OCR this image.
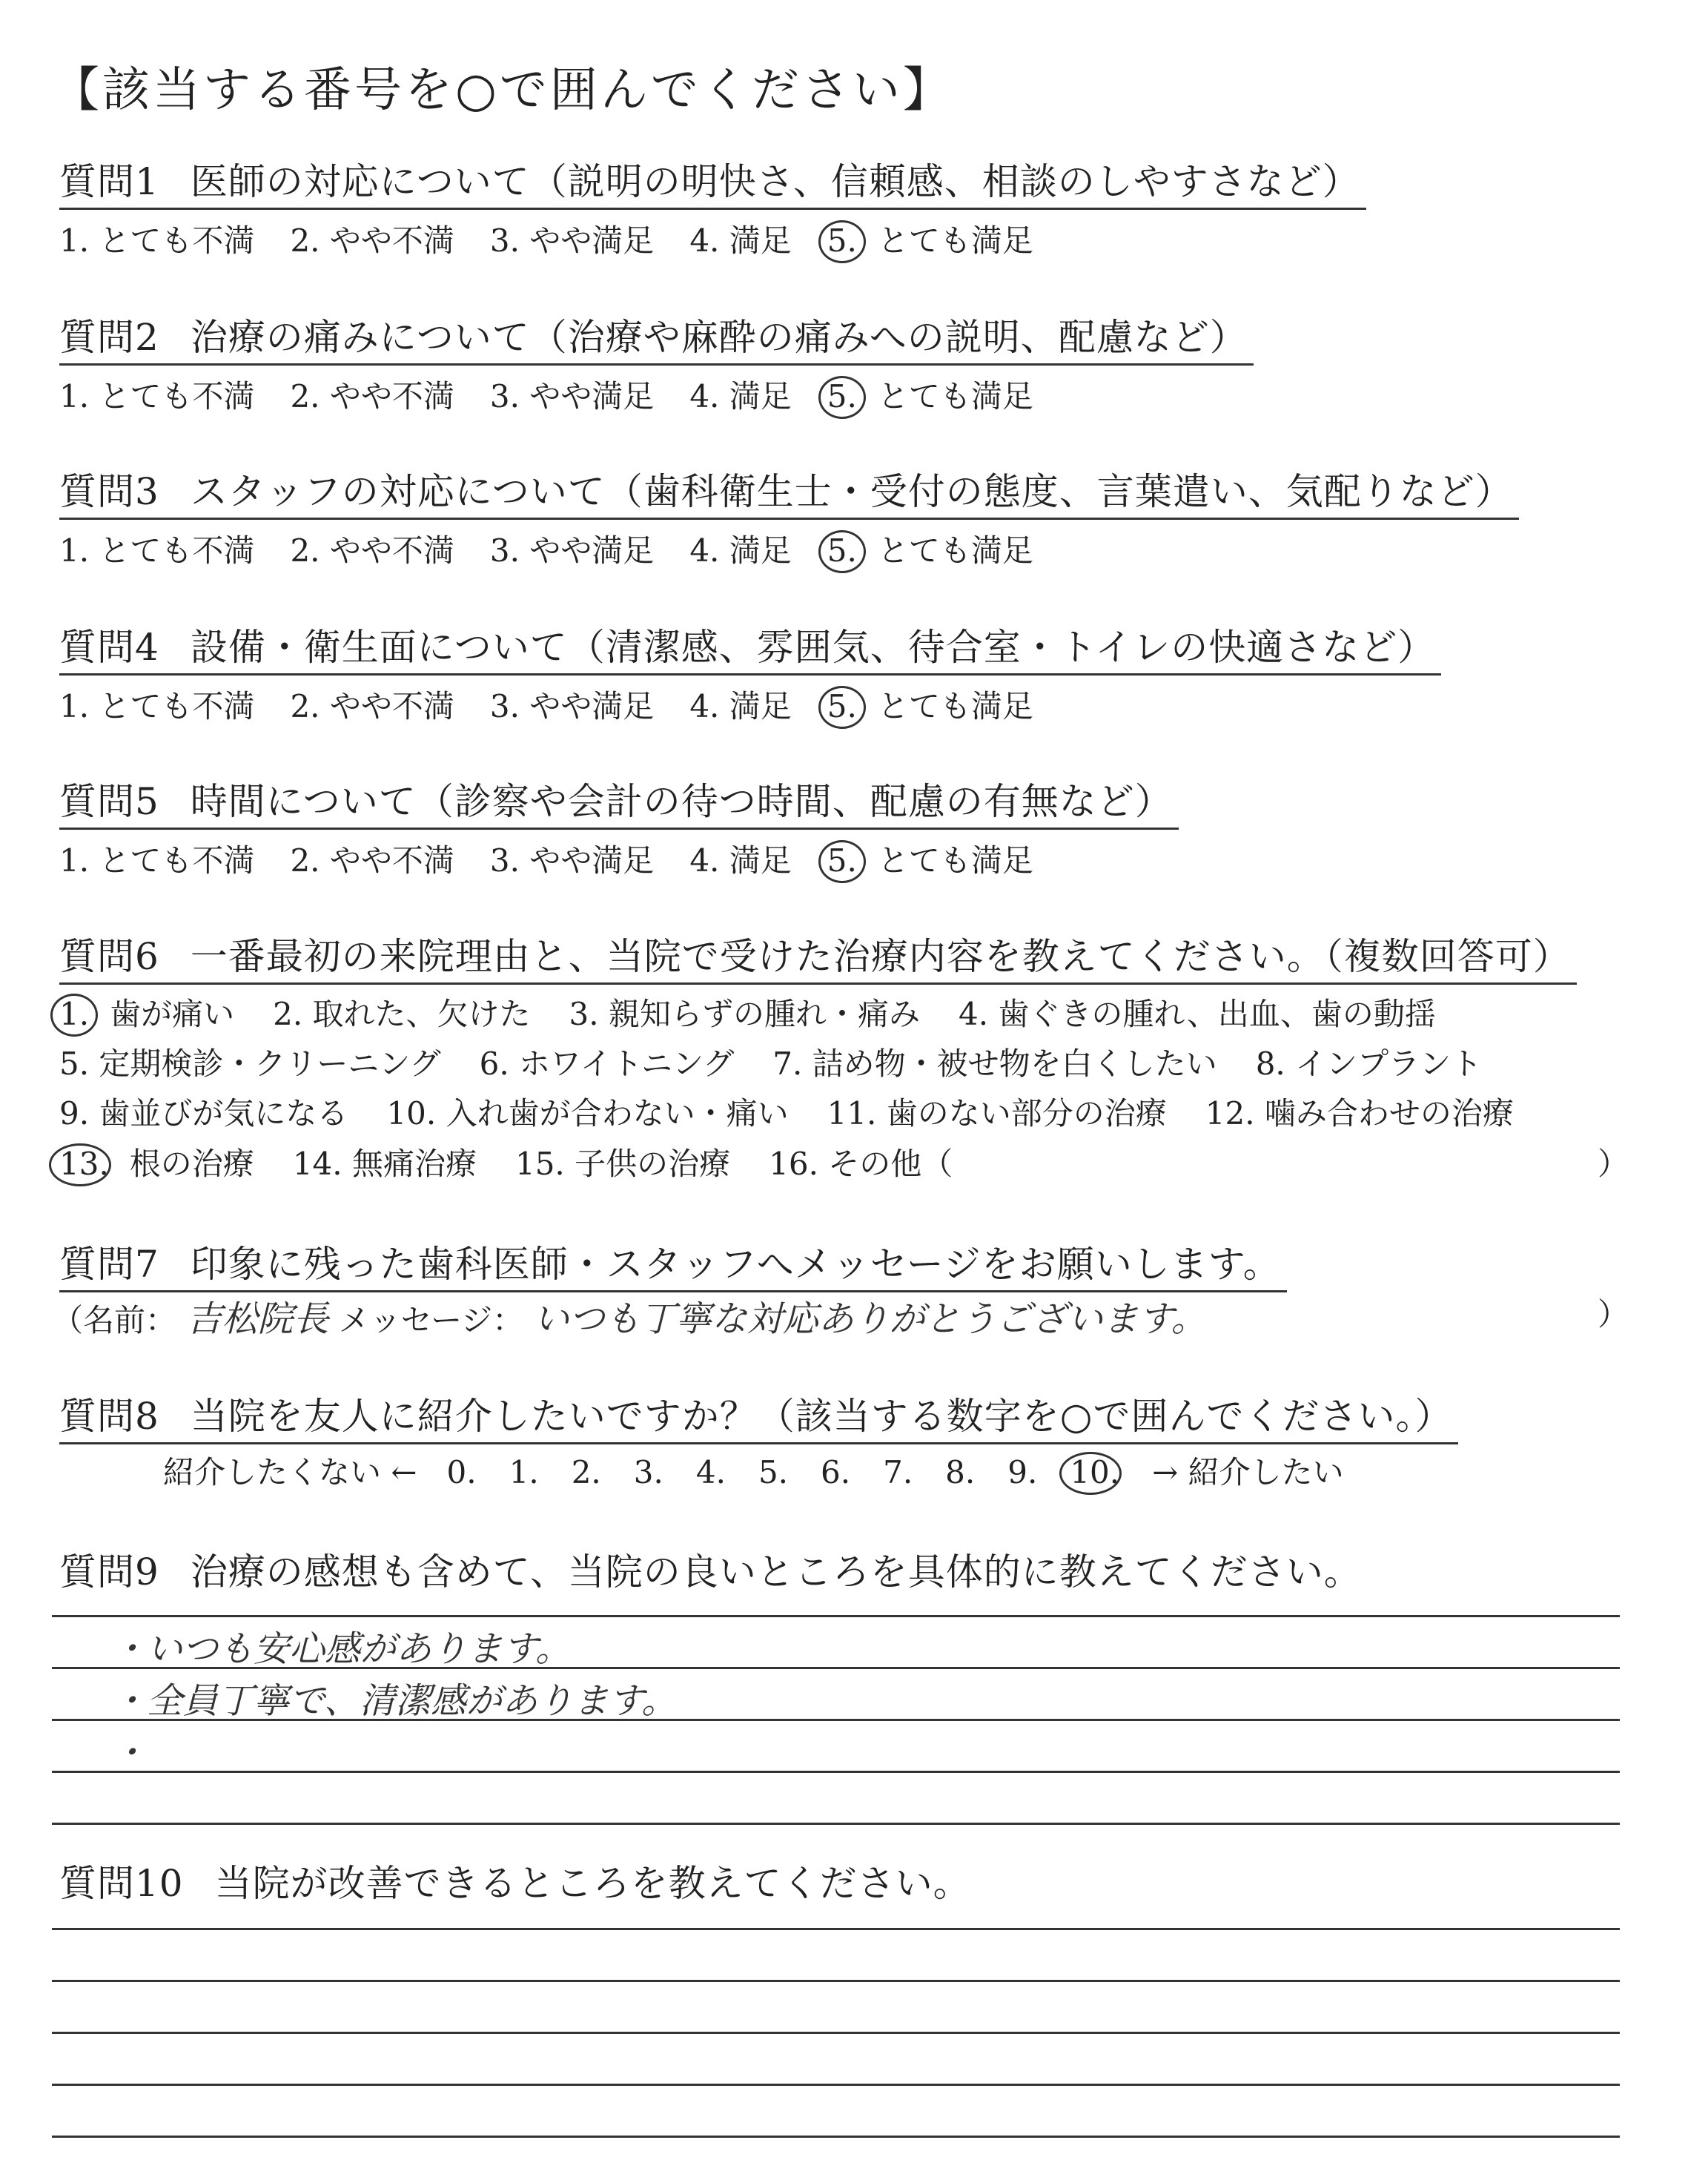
【該当する番号を○で囲んでください】
質問1 医師の対応について（説明の明快さ、信頼感、相談のしやすさなど）
1. とても不満 2. やや不満 3. やや満足 4. 満足 5. とても満足
質問2 治療の痛みについて（治療や麻酔の痛みへの説明、配慮など）
1. とても不満 2. やや不満 3. やや満足 4. 満足 5. とても満足
質問3 スタッフの対応について（歯科衛生士・受付の態度、言葉遣い、気配りなど）
1. とても不満 2. やや不満 3. やや満足 4. 満足 5. とても満足
質問4 設備・衛生面について（清潔感、雰囲気、待合室・トイレの快適さなど）
1. とても不満 2. やや不満 3. やや満足 4. 満足 5. とても満足
質問5 時間について（診察や会計の待つ時間、配慮の有無など）
1. とても不満 2. やや不満 3. やや満足 4. 満足 5. とても満足
質問6 一番最初の来院理由と、当院で受けた治療内容を教えてください。（複数回答可）
1. 歯が痛い 2. 取れた、欠けた 3. 親知らずの腫れ・痛み 4. 歯ぐきの腫れ、出血、歯の動揺
5. 定期検診・クリーニング 6. ホワイトニング 7. 詰め物・被せ物を白くしたい 8. インプラント
9. 歯並びが気になる 10. 入れ歯が合わない・痛い 11. 歯のない部分の治療 12. 噛み合わせの治療
13. 根の治療 14. 無痛治療 15. 子供の治療 16. その他（	）
質問7 印象に残った歯科医師・スタッフへメッセージをお願いします。
（名前： 吉松院長 メッセージ： いつも丁寧な対応ありがとうございます。	）
質問8 当院を友人に紹介したいですか？（該当する数字を○で囲んでください。）
紹介したくない ← 0. 1. 2. 3. 4. 5. 6. 7. 8. 9. 10. → 紹介したい
質問9 治療の感想も含めて、当院の良いところを具体的に教えてください。
・いつも安心感があります。
・全員丁寧で、清潔感があります。
・
質問10 当院が改善できるところを教えてください。
